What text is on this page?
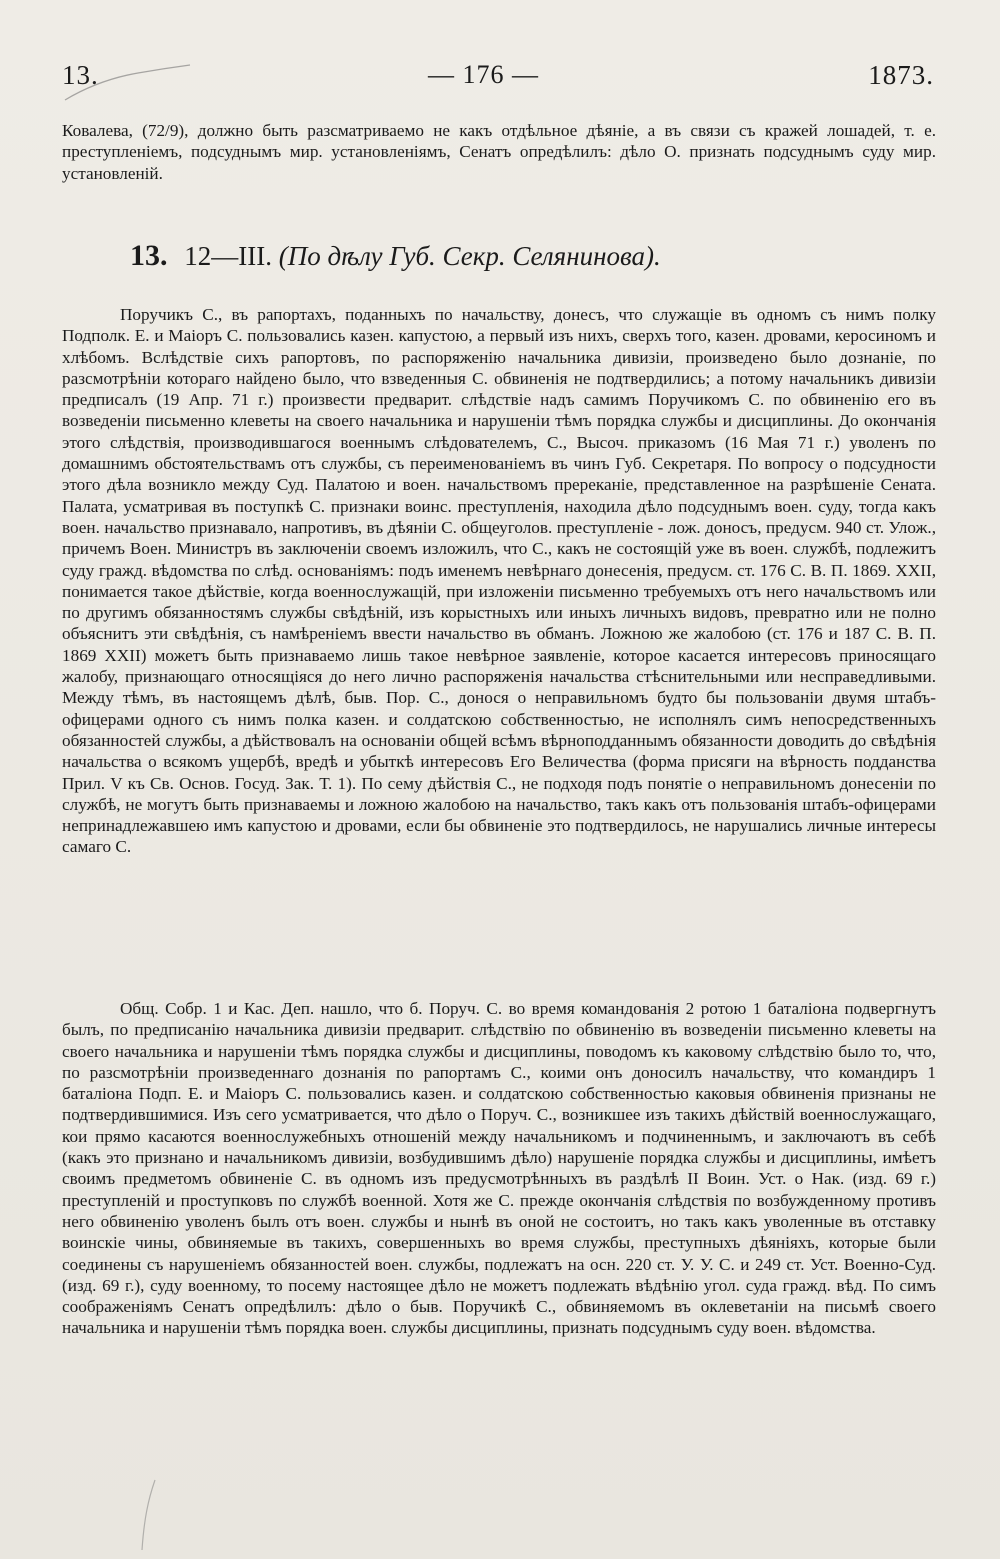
13.	— 176 —	1873.

Ковалева, (72/9), должно быть разсматриваемо не какъ отдѣльное дѣяніе, а въ связи съ кражей лошадей, т. е. преступленіемъ, подсуднымъ мир. установленіямъ, Сенатъ опредѣлилъ: дѣло О. признать подсуднымъ суду мир. установленій.

13. 12—III. (По дѣлу Губ. Секр. Селянинова).

Поручикъ С., въ рапортахъ, поданныхъ по начальству, донесъ, что служащіе въ одномъ съ нимъ полку Подполк. Е. и Маіоръ С. пользовались казен. капустою, а первый изъ нихъ, сверхъ того, казен. дровами, керосиномъ и хлѣбомъ. Вслѣдствіе сихъ рапортовъ, по распоряженію начальника дивизіи, произведено было дознаніе, по разсмотрѣніи котораго найдено было, что взведенныя С. обвиненія не подтвердились; а потому начальникъ дивизіи предписалъ (19 Апр. 71 г.) произвести предварит. слѣдствіе надъ самимъ Поручикомъ С. по обвиненію его въ возведеніи письменно клеветы на своего начальника и нарушеніи тѣмъ порядка службы и дисциплины. До окончанія этого слѣдствія, производившагося военнымъ слѣдователемъ, С., Высоч. приказомъ (16 Мая 71 г.) уволенъ по домашнимъ обстоятельствамъ отъ службы, съ переименованіемъ въ чинъ Губ. Секретаря. По вопросу о подсудности этого дѣла возникло между Суд. Палатою и воен. начальствомъ пререканіе, представленное на разрѣшеніе Сената. Палата, усматривая въ поступкѣ С. признаки воинс. преступленія, находила дѣло подсуднымъ воен. суду, тогда какъ воен. начальство признавало, напротивъ, въ дѣяніи С. общеуголов. преступленіе - лож. доносъ, предусм. 940 ст. Улож., причемъ Воен. Министръ въ заключеніи своемъ изложилъ, что С., какъ не состоящій уже въ воен. службѣ, подлежитъ суду гражд. вѣдомства по слѣд. основаніямъ: подъ именемъ невѣрнаго донесенія, предусм. ст. 176 С. В. П. 1869. XXII, понимается такое дѣйствіе, когда военнослужащій, при изложеніи письменно требуемыхъ отъ него начальствомъ или по другимъ обязанностямъ службы свѣдѣній, изъ корыстныхъ или иныхъ личныхъ видовъ, превратно или не полно объяснитъ эти свѣдѣнія, съ намѣреніемъ ввести начальство въ обманъ. Ложною же жалобою (ст. 176 и 187 С. В. П. 1869 XXII) можетъ быть признаваемо лишь такое невѣрное заявленіе, которое касается интересовъ приносящаго жалобу, признающаго относящіяся до него лично распоряженія начальства стѣснительными или несправедливыми. Между тѣмъ, въ настоящемъ дѣлѣ, быв. Пор. С., донося о неправильномъ будто бы пользованіи двумя штабъ-офицерами одного съ нимъ полка казен. и солдатскою собственностью, не исполнялъ симъ непосредственныхъ обязанностей службы, а дѣйствовалъ на основаніи общей всѣмъ вѣрноподданнымъ обязанности доводить до свѣдѣнія начальства о всякомъ ущербѣ, вредѣ и убыткѣ интересовъ Его Величества (форма присяги на вѣрность подданства Прил. V къ Св. Основ. Госуд. Зак. Т. 1). По сему дѣйствія С., не подходя подъ понятіе о неправильномъ донесеніи по службѣ, не могутъ быть признаваемы и ложною жалобою на начальство, такъ какъ отъ пользованія штабъ-офицерами непринадлежавшею имъ капустою и дровами, если бы обвиненіе это подтвердилось, не нарушались личные интересы самаго С.

Общ. Собр. 1 и Кас. Деп. нашло, что б. Поруч. С. во время командованія 2 ротою 1 баталіона подвергнутъ былъ, по предписанію начальника дивизіи предварит. слѣдствію по обвиненію въ возведеніи письменно клеветы на своего начальника и нарушеніи тѣмъ порядка службы и дисциплины, поводомъ къ каковому слѣдствію было то, что, по разсмотрѣніи произведеннаго дознанія по рапортамъ С., коими онъ доносилъ начальству, что командиръ 1 баталіона Подп. Е. и Маіоръ С. пользовались казен. и солдатскою собственностью каковыя обвиненія признаны не подтвердившимися. Изъ сего усматривается, что дѣло о Поруч. С., возникшее изъ такихъ дѣйствій военнослужащаго, кои прямо касаются военнослужебныхъ отношеній между начальникомъ и подчиненнымъ, и заключаютъ въ себѣ (какъ это признано и начальникомъ дивизіи, возбудившимъ дѣло) нарушеніе порядка службы и дисциплины, имѣетъ своимъ предметомъ обвиненіе С. въ одномъ изъ предусмотрѣнныхъ въ раздѣлѣ II Воин. Уст. о Нак. (изд. 69 г.) преступленій и проступковъ по службѣ военной. Хотя же С. прежде окончанія слѣдствія по возбужденному противъ него обвиненію уволенъ былъ отъ воен. службы и нынѣ въ оной не состоитъ, но такъ какъ уволенные въ отставку воинскіе чины, обвиняемые въ такихъ, совершенныхъ во время службы, преступныхъ дѣяніяхъ, которые были соединены съ нарушеніемъ обязанностей воен. службы, подлежатъ на осн. 220 ст. У. У. С. и 249 ст. Уст. Военно-Суд. (изд. 69 г.), суду военному, то посему настоящее дѣло не можетъ подлежать вѣдѣнію угол. суда гражд. вѣд. По симъ соображеніямъ Сенатъ опредѣлилъ: дѣло о быв. Поручикѣ С., обвиняемомъ въ оклеветаніи на письмѣ своего начальника и нарушеніи тѣмъ порядка воен. службы дисциплины, признать подсуднымъ суду воен. вѣдомства.
